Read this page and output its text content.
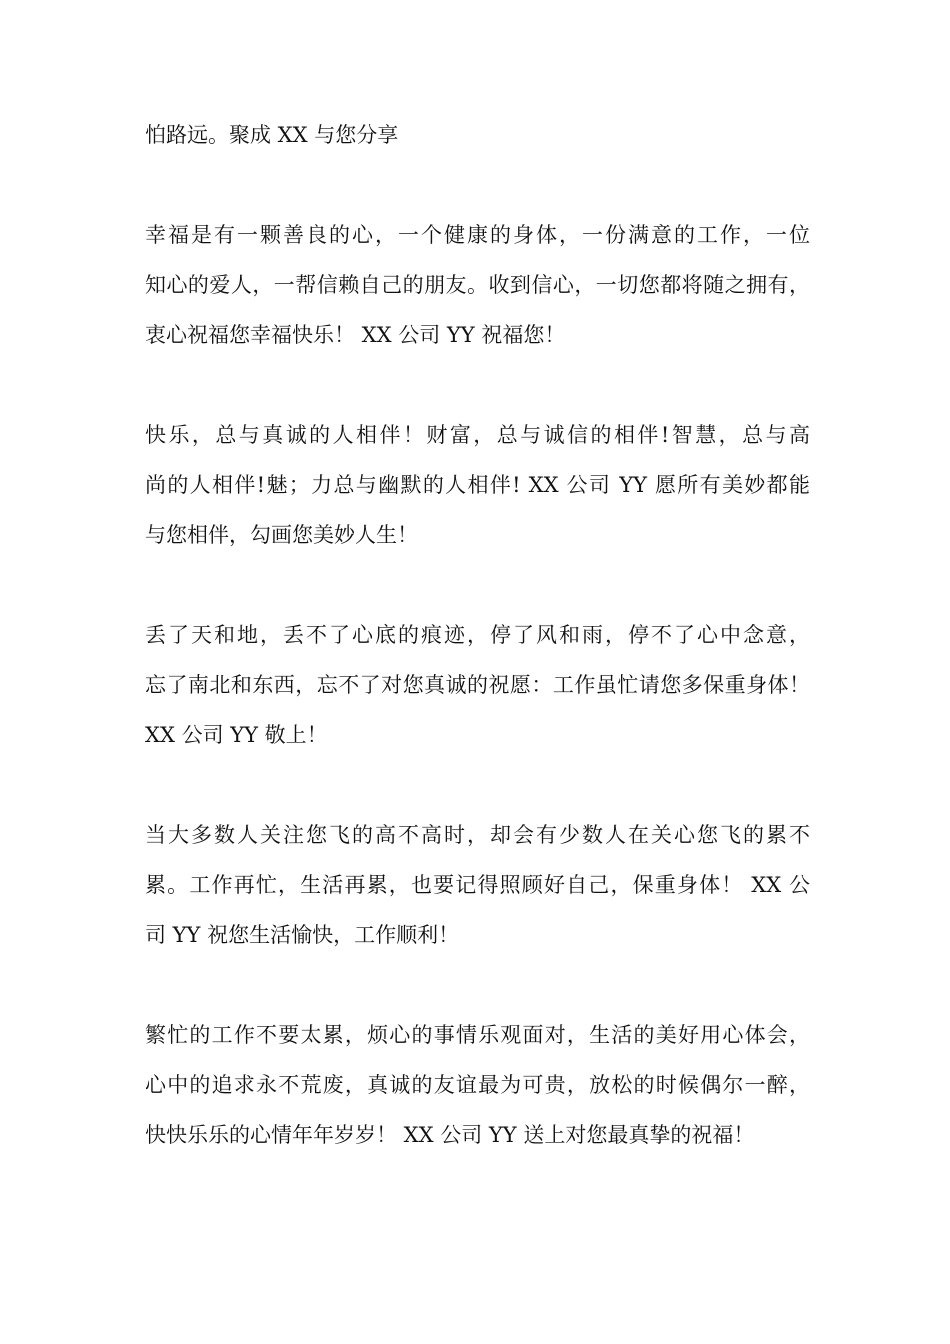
怕路远。聚成 XX 与您分享
幸福是有一颗善良的心，一个健康的身体，一份满意的工作，一位
知心的爱人，一帮信赖自己的朋友。收到信心，一切您都将随之拥有，
衷心祝福您幸福快乐！ XX 公司 YY 祝福您！
快乐，总与真诚的人相伴！财富，总与诚信的相伴!智慧，总与高
尚的人相伴!魅；力总与幽默的人相伴! XX 公司 YY 愿所有美妙都能
与您相伴，勾画您美妙人生！
丢了天和地，丢不了心底的痕迹，停了风和雨，停不了心中念意，
忘了南北和东西，忘不了对您真诚的祝愿：工作虽忙请您多保重身体！
XX 公司 YY 敬上！
当大多数人关注您飞的高不高时，却会有少数人在关心您飞的累不
累。工作再忙，生活再累，也要记得照顾好自己，保重身体！ XX 公
司 YY 祝您生活愉快，工作顺利！
繁忙的工作不要太累，烦心的事情乐观面对，生活的美好用心体会，
心中的追求永不荒废，真诚的友谊最为可贵，放松的时候偶尔一醉，
快快乐乐的心情年年岁岁！ XX 公司 YY 送上对您最真挚的祝福！
